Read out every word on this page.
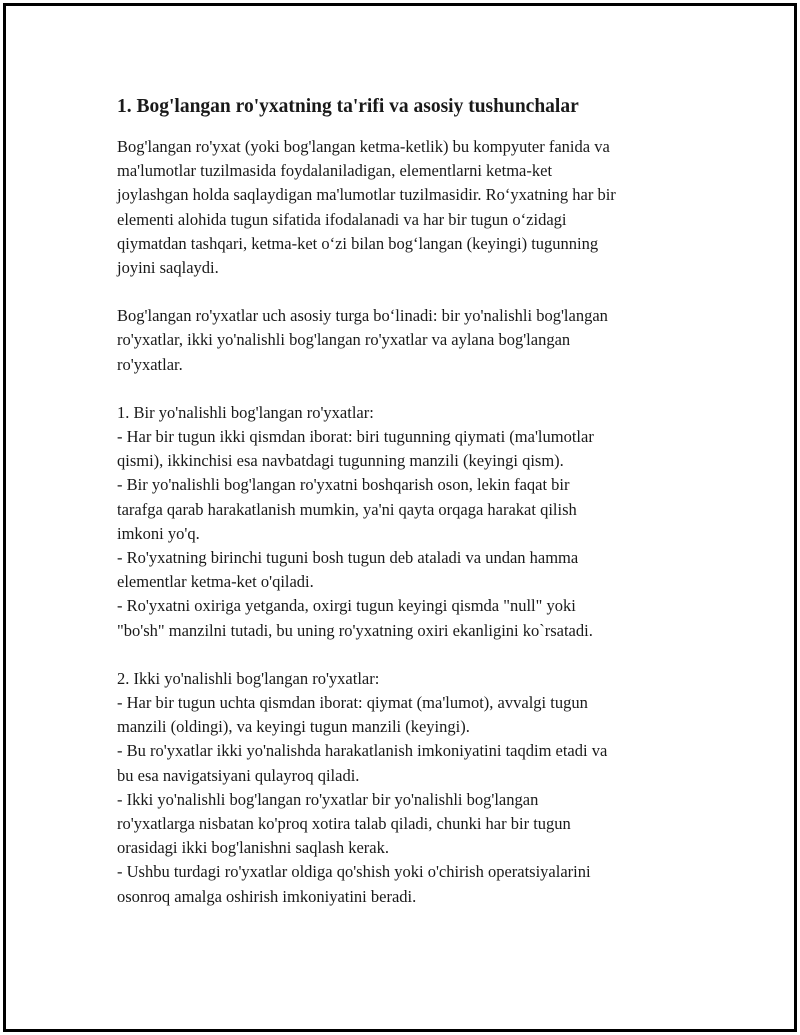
1. Bog'langan ro'yxatning ta'rifi va asosiy tushunchalar

Bog'langan ro'yxat (yoki bog'langan ketma-ketlik) bu kompyuter fanida va
ma'lumotlar tuzilmasida foydalaniladigan, elementlarni ketma-ket
joylashgan holda saqlaydigan ma'lumotlar tuzilmasidir. Ro‘yxatning har bir
elementi alohida tugun sifatida ifodalanadi va har bir tugun o‘zidagi
qiymatdan tashqari, ketma-ket o‘zi bilan bog‘langan (keyingi) tugunning
joyini saqlaydi.

Bog'langan ro'yxatlar uch asosiy turga bo‘linadi: bir yo'nalishli bog'langan
ro'yxatlar, ikki yo'nalishli bog'langan ro'yxatlar va aylana bog'langan
ro'yxatlar.

1. Bir yo'nalishli bog'langan ro'yxatlar:
- Har bir tugun ikki qismdan iborat: biri tugunning qiymati (ma'lumotlar
qismi), ikkinchisi esa navbatdagi tugunning manzili (keyingi qism).
- Bir yo'nalishli bog'langan ro'yxatni boshqarish oson, lekin faqat bir
tarafga qarab harakatlanish mumkin, ya'ni qayta orqaga harakat qilish
imkoni yo'q.
- Ro'yxatning birinchi tuguni bosh tugun deb ataladi va undan hamma
elementlar ketma-ket o'qiladi.
- Ro'yxatni oxiriga yetganda, oxirgi tugun keyingi qismda "null" yoki
"bo'sh" manzilni tutadi, bu uning ro'yxatning oxiri ekanligini ko`rsatadi.

2. Ikki yo'nalishli bog'langan ro'yxatlar:
- Har bir tugun uchta qismdan iborat: qiymat (ma'lumot), avvalgi tugun
manzili (oldingi), va keyingi tugun manzili (keyingi).
- Bu ro'yxatlar ikki yo'nalishda harakatlanish imkoniyatini taqdim etadi va
bu esa navigatsiyani qulayroq qiladi.
- Ikki yo'nalishli bog'langan ro'yxatlar bir yo'nalishli bog'langan
ro'yxatlarga nisbatan ko'proq xotira talab qiladi, chunki har bir tugun
orasidagi ikki bog'lanishni saqlash kerak.
- Ushbu turdagi ro'yxatlar oldiga qo'shish yoki o'chirish operatsiyalarini
osonroq amalga oshirish imkoniyatini beradi.
